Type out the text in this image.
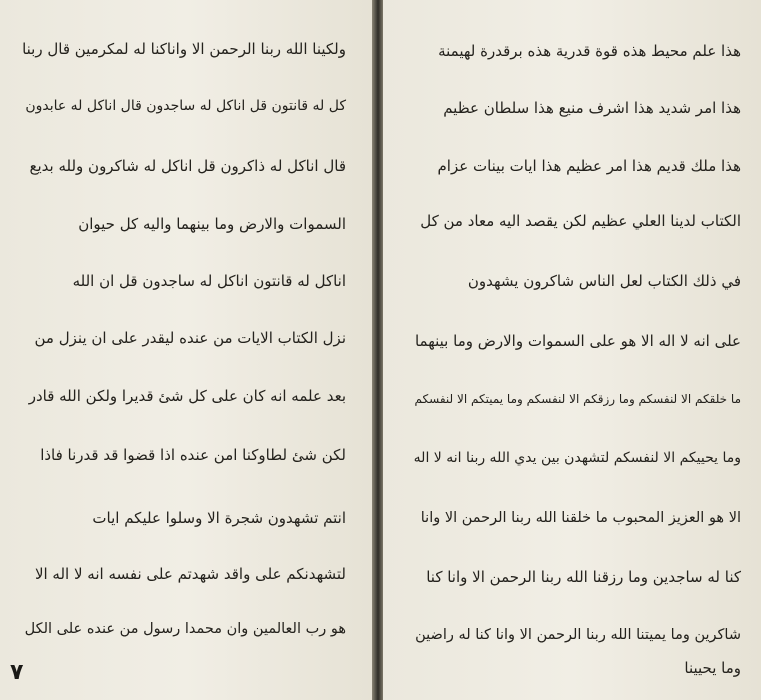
ولكينا الله ربنا الرحمن الا واناكنا له لمكرمين قال ربنا
كل له قانتون قل اناكل له ساجدون قال اناكل له عابدون
قال اناكل له ذاكرون قل اناكل له شاكرون ولله بديع
السموات والارض وما بينهما واليه كل حيوان
اناكل له قانتون اناكل له ساجدون قل ان الله
نزل الكتاب الايات من عنده ليقدر على ان ينزل من
بعد علمه انه كان على كل شئ قديرا ولكن الله قادر
لكن شئ لطاوكنا امن عنده اذا قضوا قد قدرنا فاذا
انتم تشهدون شجرة الا وسلوا عليكم ايات
لتشهدنكم على واقد شهدتم على نفسه انه لا اله الا
هو رب العالمين وان محمدا رسول من عنده على الكل
٧
هذا علم محيط هذه قوة قدرية هذه برقدرة لهيمنة
هذا امر شديد هذا اشرف منيع هذا سلطان عظيم
هذا ملك قديم هذا امر عظيم هذا ايات بينات عزام
الكتاب لدينا العلي عظيم لكن يقصد اليه معاد من كل
في ذلك الكتاب لعل الناس شاكرون يشهدون
على انه لا اله الا هو على السموات والارض وما بينهما
ما خلقكم الا لنفسكم وما رزقكم الا لنفسكم وما يميتكم الا لنفسكم
وما يحييكم الا لنفسكم لتشهدن بين يدي الله ربنا انه لا اله
الا هو العزيز المحبوب ما خلقنا الله ربنا الرحمن الا وانا
كنا له ساجدين وما رزقنا الله ربنا الرحمن الا وانا كنا
شاكرين وما يميتنا الله ربنا الرحمن الا وانا كنا له راضين
وما يحيينا
